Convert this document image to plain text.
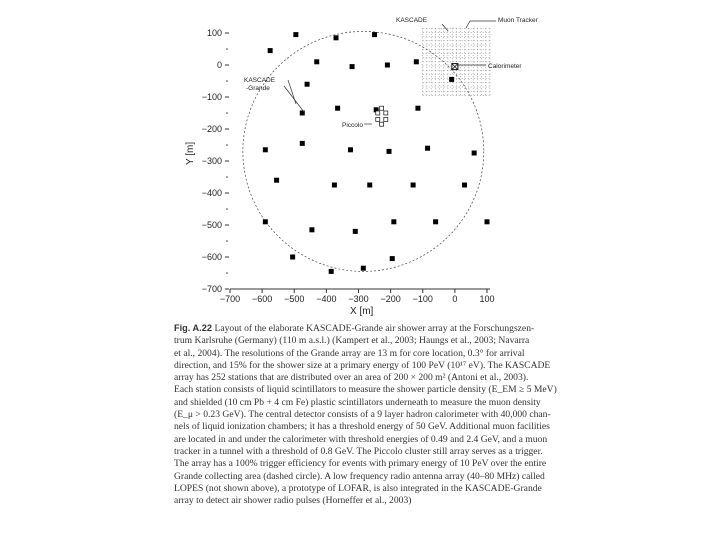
−700 −600 −500 −400 −300 −200 −100 0 100
100
0
−100
−200
−300
−400
−500
−600
−700
KASCADE	Muon Tracker
Calorimeter
KASCADE
-Grande
Piccolo
X [m]
Y [m]
Fig. A.22 Layout of the elaborate KASCADE-Grande air shower array at the Forschungszen-
trum Karlsruhe (Germany) (110 m a.s.l.) (Kampert et al., 2003; Haungs et al., 2003; Navarra
et al., 2004). The resolutions of the Grande array are 13 m for core location, 0.3° for arrival
direction, and 15% for the shower size at a primary energy of 100 PeV (10¹⁷ eV). The KASCADE
array has 252 stations that are distributed over an area of 200 × 200 m² (Antoni et al., 2003).
Each station consists of liquid scintillators to measure the shower particle density (E_EM ≥ 5 MeV)
and shielded (10 cm Pb + 4 cm Fe) plastic scintillators underneath to measure the muon density
(E_μ > 0.23 GeV). The central detector consists of a 9 layer hadron calorimeter with 40,000 chan-
nels of liquid ionization chambers; it has a threshold energy of 50 GeV. Additional muon facilities
are located in and under the calorimeter with threshold energies of 0.49 and 2.4 GeV, and a muon
tracker in a tunnel with a threshold of 0.8 GeV. The Piccolo cluster still array serves as a trigger.
The array has a 100% trigger efficiency for events with primary energy of 10 PeV over the entire
Grande collecting area (dashed circle). A low frequency radio antenna array (40–80 MHz) called
LOPES (not shown above), a prototype of LOFAR, is also integrated in the KASCADE-Grande
array to detect air shower radio pulses (Horneffer et al., 2003)
